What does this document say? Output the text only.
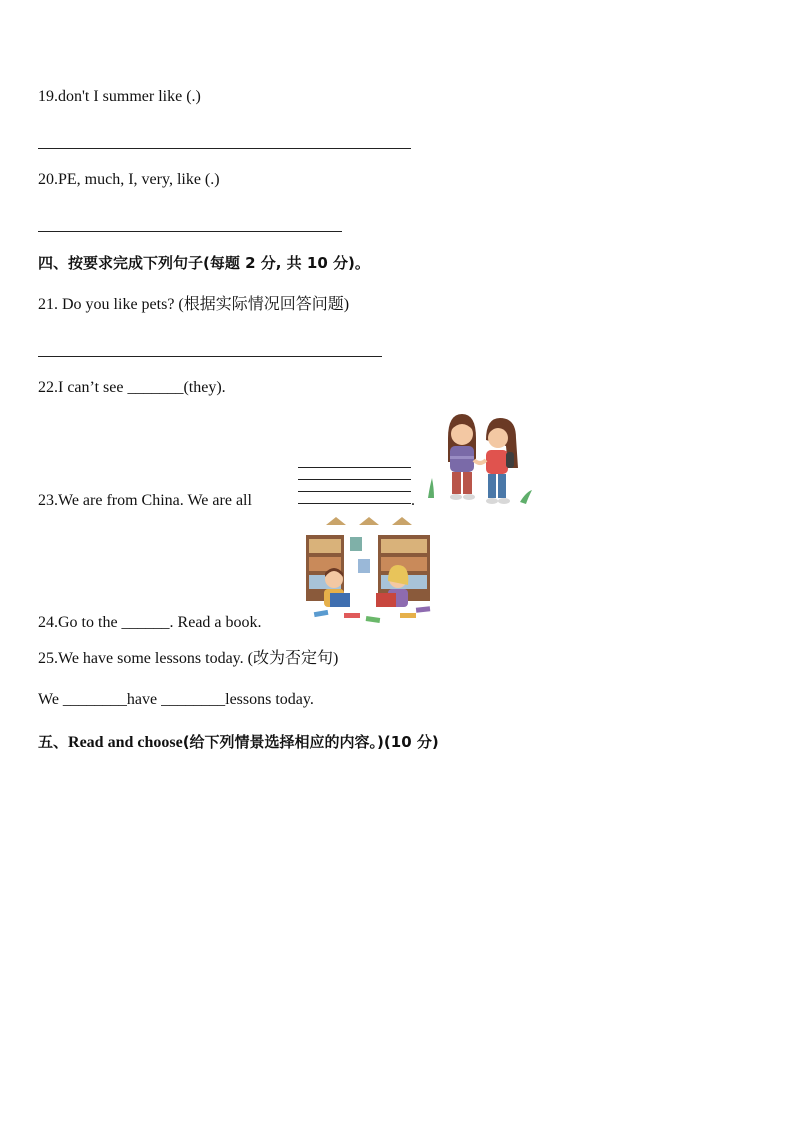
19.don't I summer like (.)
20.PE, much, I, very, like (.)
四、按要求完成下列句子(每题 2 分, 共 10 分)。
21. Do you like pets? (根据实际情况回答问题)
22.I can’t see _______(they).
23.We are from China. We are all	.
24.Go to the ______. Read a book.
25.We have some lessons today. (改为否定句)
We ________have ________lessons today.
五、Read and choose(给下列情景选择相应的内容。)(10 分)
